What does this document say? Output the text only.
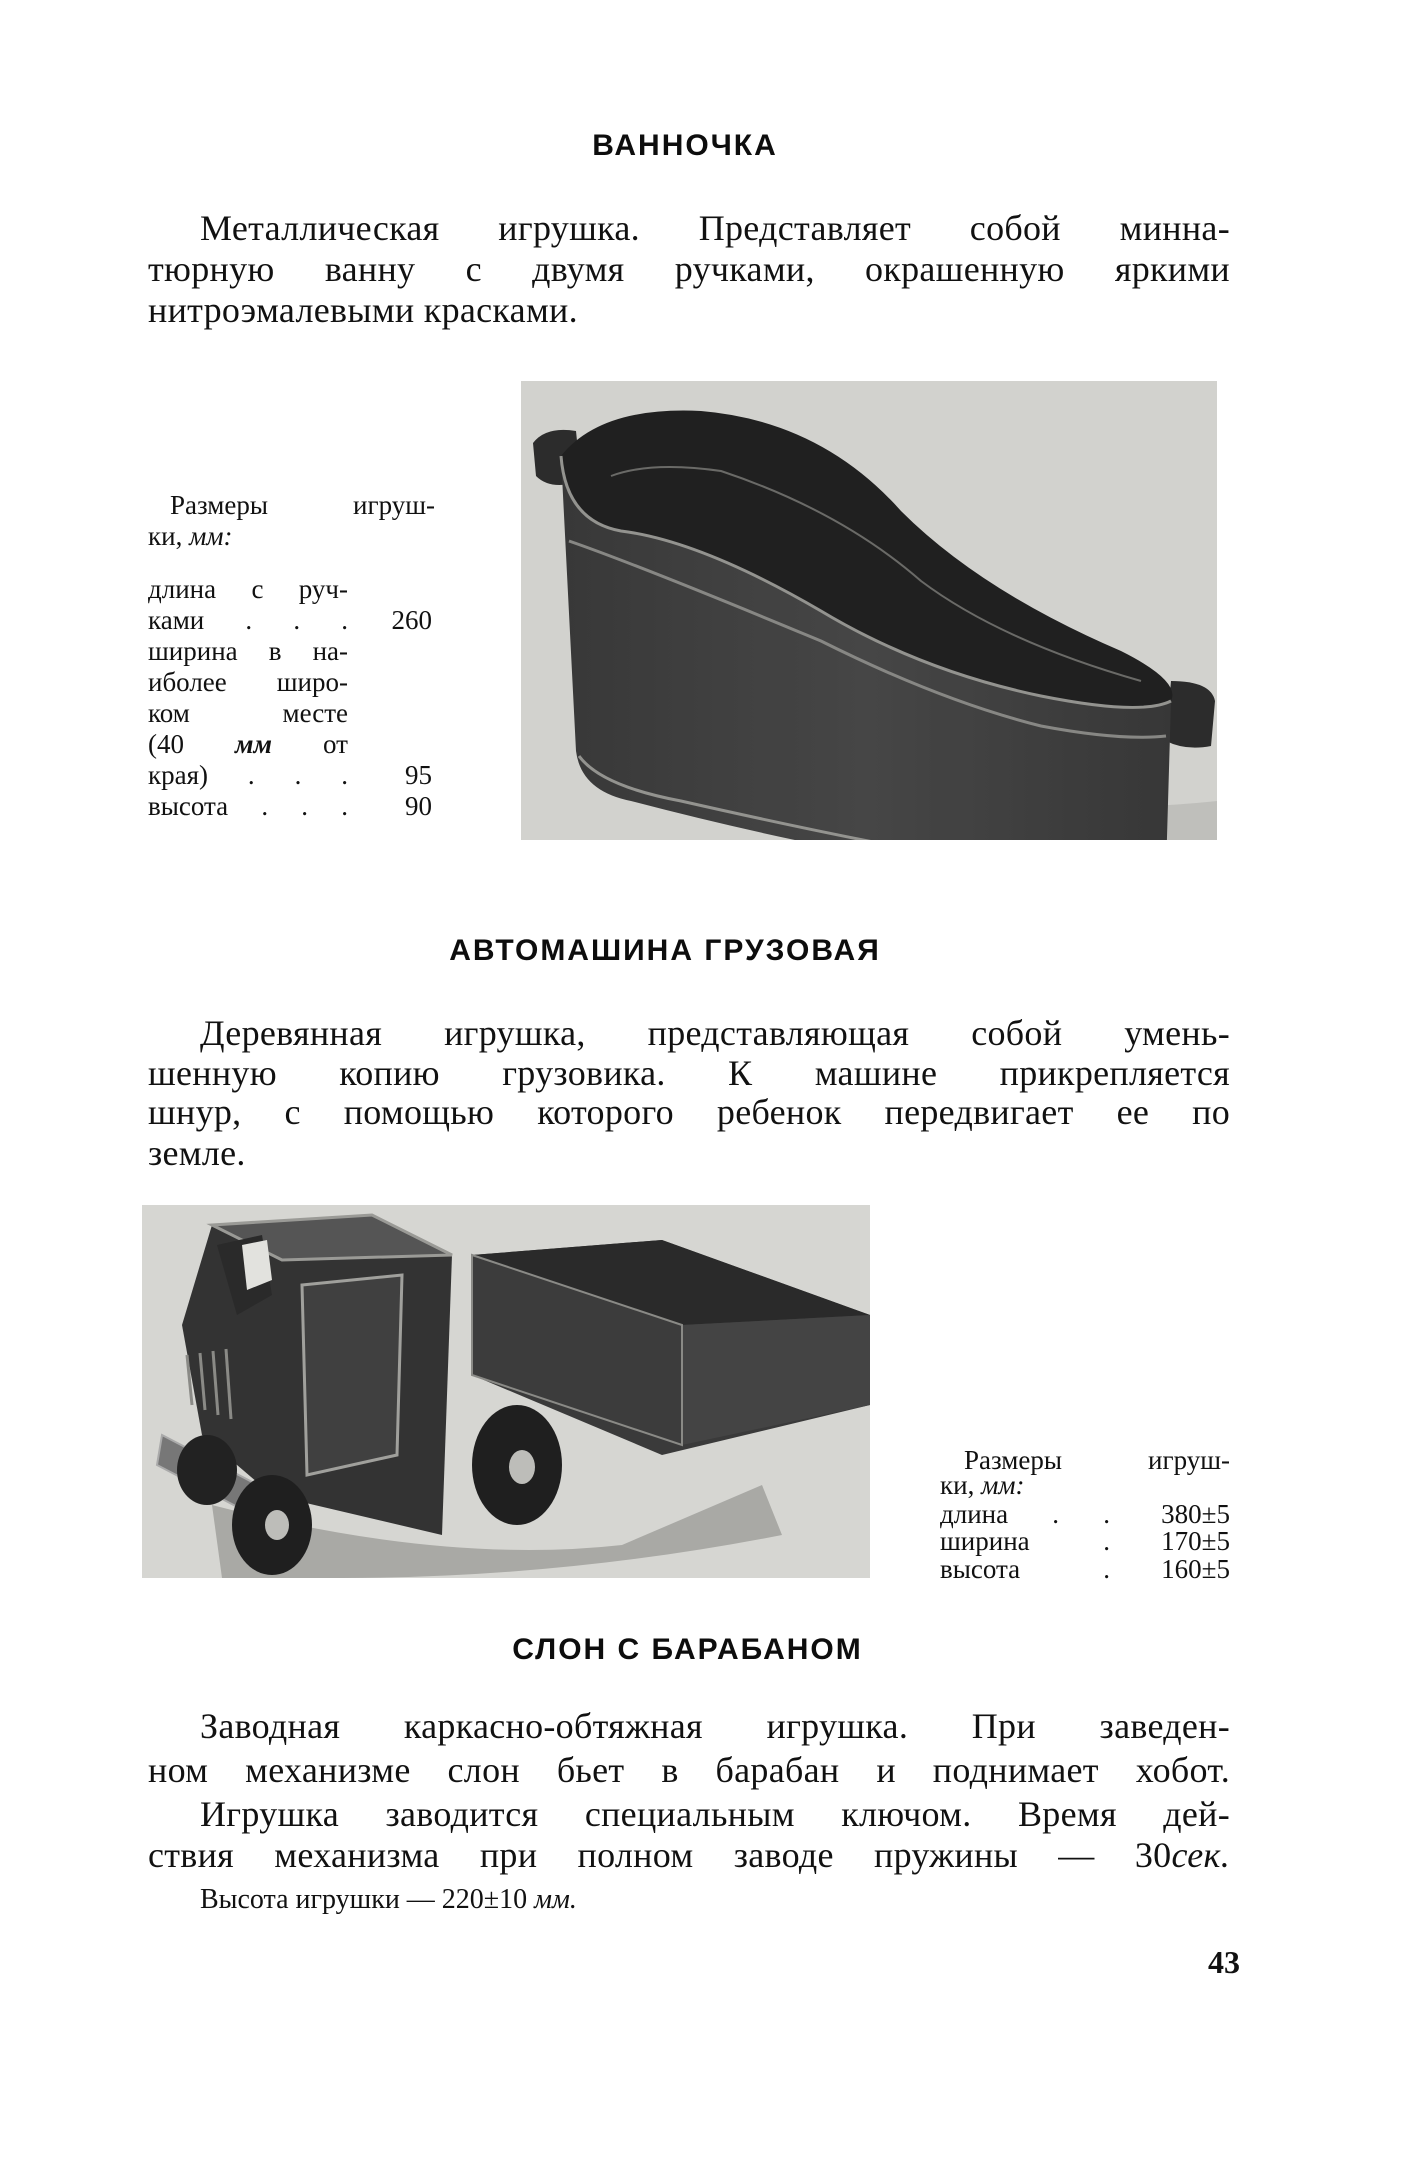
ВАННОЧКА
Металлическая игрушка. Представляет собой минна-
тюрную ванну с двумя ручками, окрашенную яркими
нитроэмалевыми красками.
Размеры игруш-
ки, мм:
длина с руч-
ками . . .	260
ширина в на-
иболее широ-
ком месте
(40 мм от
края) . . .	95
высота . . .	90
АВТОМАШИНА ГРУЗОВАЯ
Деревянная игрушка, представляющая собой умень-
шенную копию грузовика. К машине прикрепляется
шнур, с помощью которого ребенок передвигает ее по
земле.
Размеры игруш-
ки, мм:
длина . .	380±5
ширина .	170±5
высота .	160±5
СЛОН С БАРАБАНОМ
Заводная каркасно-обтяжная игрушка. При заведен-
ном механизме слон бьет в барабан и поднимает хобот.
Игрушка заводится специальным ключом. Время дей-
ствия механизма при полном заводе пружины — 30 сек.
Высота игрушки — 220±10 мм.
43
